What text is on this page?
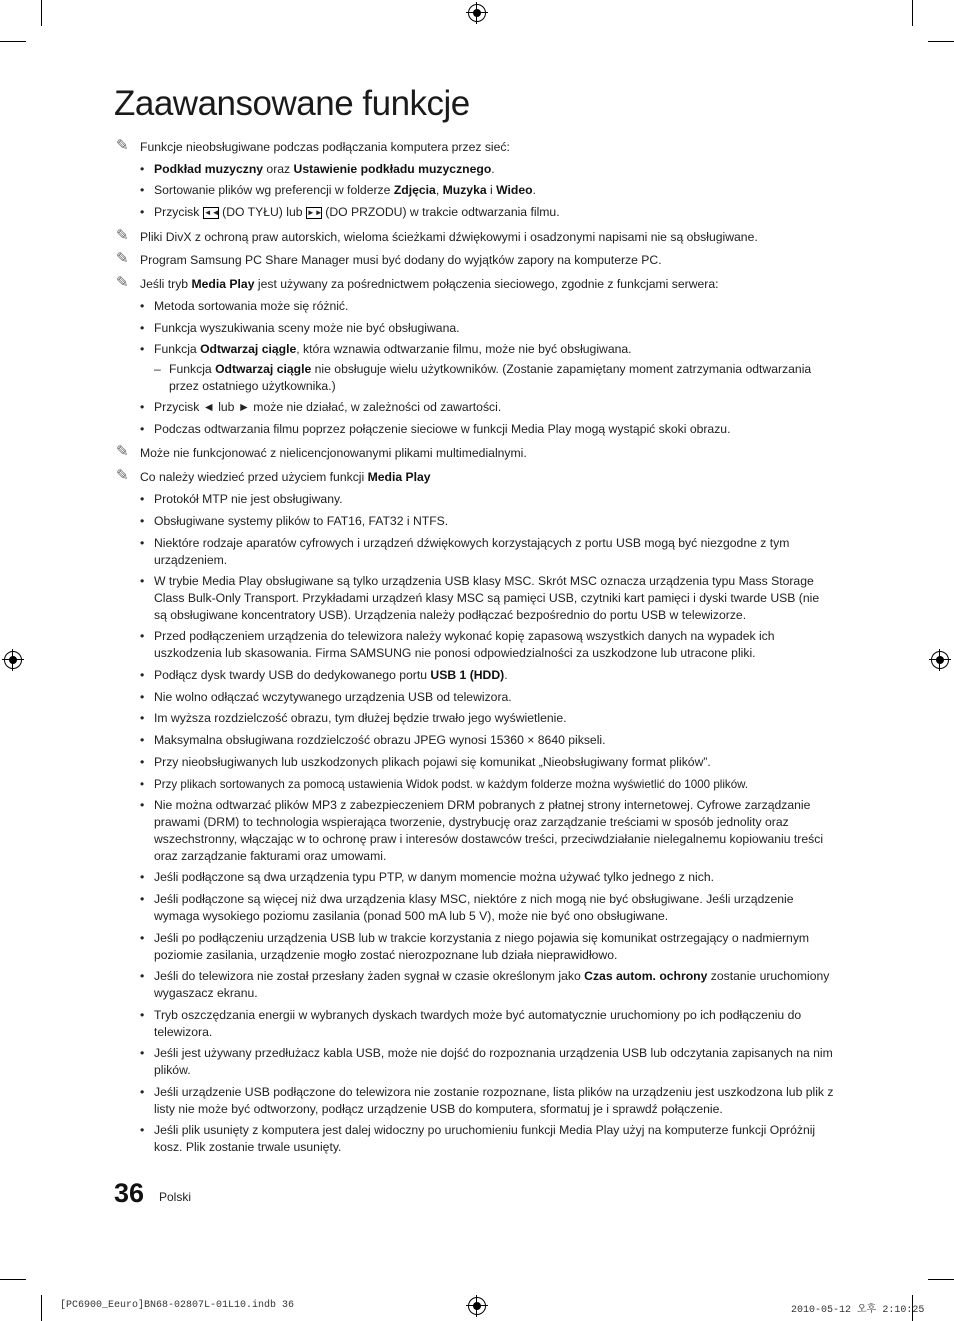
Zaawansowane funkcje
✎ Funkcje nieobsługiwane podczas podłączania komputera przez sieć:
• Podkład muzyczny oraz Ustawienie podkładu muzycznego.
• Sortowanie plików wg preferencji w folderze Zdjęcia, Muzyka i Wideo.
• Przycisk ◄◄ (DO TYŁU) lub ►► (DO PRZODU) w trakcie odtwarzania filmu.
✎ Pliki DivX z ochroną praw autorskich, wieloma ścieżkami dźwiękowymi i osadzonymi napisami nie są obsługiwane.
✎ Program Samsung PC Share Manager musi być dodany do wyjątków zapory na komputerze PC.
✎ Jeśli tryb Media Play jest używany za pośrednictwem połączenia sieciowego, zgodnie z funkcjami serwera:
• Metoda sortowania może się różnić.
• Funkcja wyszukiwania sceny może nie być obsługiwana.
• Funkcja Odtwarzaj ciągle, która wznawia odtwarzanie filmu, może nie być obsługiwana.
– Funkcja Odtwarzaj ciągle nie obsługuje wielu użytkowników. (Zostanie zapamiętany moment zatrzymania odtwarzania przez ostatniego użytkownika.)
• Przycisk ◄ lub ► może nie działać, w zależności od zawartości.
• Podczas odtwarzania filmu poprzez połączenie sieciowe w funkcji Media Play mogą wystąpić skoki obrazu.
✎ Może nie funkcjonować z nielicencjonowanymi plikami multimedialnymi.
✎ Co należy wiedzieć przed użyciem funkcji Media Play
• Protokół MTP nie jest obsługiwany.
• Obsługiwane systemy plików to FAT16, FAT32 i NTFS.
• Niektóre rodzaje aparatów cyfrowych i urządzeń dźwiękowych korzystających z portu USB mogą być niezgodne z tym urządzeniem.
• W trybie Media Play obsługiwane są tylko urządzenia USB klasy MSC. Skrót MSC oznacza urządzenia typu Mass Storage Class Bulk-Only Transport. Przykładami urządzeń klasy MSC są pamięci USB, czytniki kart pamięci i dyski twarde USB (nie są obsługiwane koncentratory USB). Urządzenia należy podłączać bezpośrednio do portu USB w telewizorze.
• Przed podłączeniem urządzenia do telewizora należy wykonać kopię zapasową wszystkich danych na wypadek ich uszkodzenia lub skasowania. Firma SAMSUNG nie ponosi odpowiedzialności za uszkodzone lub utracone pliki.
• Podłącz dysk twardy USB do dedykowanego portu USB 1 (HDD).
• Nie wolno odłączać wczytywanego urządzenia USB od telewizora.
• Im wyższa rozdzielczość obrazu, tym dłużej będzie trwało jego wyświetlenie.
• Maksymalna obsługiwana rozdzielczość obrazu JPEG wynosi 15360 × 8640 pikseli.
• Przy nieobsługiwanych lub uszkodzonych plikach pojawi się komunikat „Nieobsługiwany format plików”.
• Przy plikach sortowanych za pomocą ustawienia Widok podst. w każdym folderze można wyświetlić do 1000 plików.
• Nie można odtwarzać plików MP3 z zabezpieczeniem DRM pobranych z płatnej strony internetowej. Cyfrowe zarządzanie prawami (DRM) to technologia wspierająca tworzenie, dystrybucję oraz zarządzanie treściami w sposób jednolity oraz wszechstronny, włączając w to ochronę praw i interesów dostawców treści, przeciwdziałanie nielegalnemu kopiowaniu treści oraz zarządzanie fakturami oraz umowami.
• Jeśli podłączone są dwa urządzenia typu PTP, w danym momencie można używać tylko jednego z nich.
• Jeśli podłączone są więcej niż dwa urządzenia klasy MSC, niektóre z nich mogą nie być obsługiwane. Jeśli urządzenie wymaga wysokiego poziomu zasilania (ponad 500 mA lub 5 V), może nie być ono obsługiwane.
• Jeśli po podłączeniu urządzenia USB lub w trakcie korzystania z niego pojawia się komunikat ostrzegający o nadmiernym poziomie zasilania, urządzenie mogło zostać nierozpoznane lub działa nieprawidłowo.
• Jeśli do telewizora nie został przesłany żaden sygnał w czasie określonym jako Czas autom. ochrony zostanie uruchomiony wygaszacz ekranu.
• Tryb oszczędzania energii w wybranych dyskach twardych może być automatycznie uruchomiony po ich podłączeniu do telewizora.
• Jeśli jest używany przedłużacz kabla USB, może nie dojść do rozpoznania urządzenia USB lub odczytania zapisanych na nim plików.
• Jeśli urządzenie USB podłączone do telewizora nie zostanie rozpoznane, lista plików na urządzeniu jest uszkodzona lub plik z listy nie może być odtworzony, podłącz urządzenie USB do komputera, sformatuj je i sprawdź połączenie.
• Jeśli plik usunięty z komputera jest dalej widoczny po uruchomieniu funkcji Media Play użyj na komputerze funkcji Opróżnij kosz. Plik zostanie trwale usunięty.
36 Polski
[PC6900_Eeuro]BN68-02807L-01L10.indb 36	2010-05-12 오후 2:10:25
